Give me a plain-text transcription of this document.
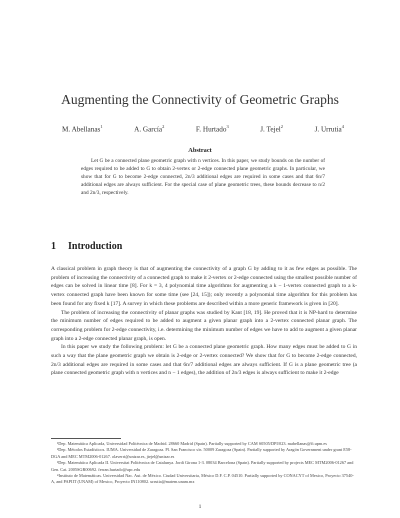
Augmenting the Connectivity of Geometric Graphs
M. Abellanas$^1$	A. García$^2$	F. Hurtado$^3$	J. Tejel$^2$	J. Urrutia$^4$
Abstract
Let G be a connected plane geometric graph with n vertices. In this paper, we study bounds on the number of edges required to be added to G to obtain 2-vertex or 2-edge connected plane geometric graphs. In particular, we show that for G to become 2-edge connected, 2n/3 additional edges are required in some cases and that 6n/7 additional edges are always sufficient. For the special case of plane geometric trees, these bounds decrease to n/2 and 2n/3, respectively.
1 Introduction

A classical problem in graph theory is that of augmenting the connectivity of a graph G by adding to it as few edges as possible. The problem of increasing the connectivity of a connected graph to make it 2-vertex or 2-edge connected using the smallest possible number of edges can be solved in linear time [8]. For k = 3, 4 polynomial time algorithms for augmenting a k − 1-vertex connected graph to a k-vertex connected graph have been known for some time (see [24, 15]); only recently a polynomial time algorithm for this problem has been found for any fixed k [17]. A survey in which these problems are described within a more generic framework is given in [20].

The problem of increasing the connectivity of planar graphs was studied by Kant [18, 19]. He proved that it is NP-hard to determine the minimum number of edges required to be added to augment a given planar graph into a 2-vertex connected planar graph. The corresponding problem for 2-edge connectivity, i.e. determining the minimum number of edges we have to add to augment a given planar graph into a 2-edge connected planar graph, is open.

In this paper we study the following problem: let G be a connected plane geometric graph. How many edges must be added to G in such a way that the plane geometric graph we obtain is 2-edge or 2-vertex connected? We show that for G to become 2-edge connected, 2n/3 additional edges are required in some cases and that 6n/7 additional edges are always sufficient. If G is a plane geometric tree (a plane connected geometric graph with n vertices and n − 1 edges), the addition of 2n/3 edges is always sufficient to make it 2-edge

¹Dep. Matemática Aplicada, Universidad Politécnica de Madrid. 28660 Madrid (Spain). Partially supported by CAM S0505/DPI/023. mabellanas@fi.upm.es

²Dep. Métodos Estadísticos. IUMA. Universidad de Zaragoza. Pl. San Francisco s/n. 50009 Zaragoza (Spain). Partially supported by Aragón Government under grant E58-DGA and MEC MTM2006-01267. olaverri@unizar.es, jtejel@unizar.es

³Dep. Matemàtica Aplicada II. Universitat Politècnica de Catalunya. Jordi Girona 1-3. 08034 Barcelona (Spain). Partially supported by projects MEC MTM2006-01267 and Gen. Cat. 2005SGR00692. ferran.hurtado@upc.edu

⁴Instituto de Matemáticas. Universidad Nac. Aut. de México. Ciudad Universitaria, México D.F. C.P. 04510. Partially supported by CONACYT of Mexico, Proyecto 37540-A, and PAPIIT (UNAM) of Mexico, Proyecto IN110802. urrutia@matem.unam.mx

1
